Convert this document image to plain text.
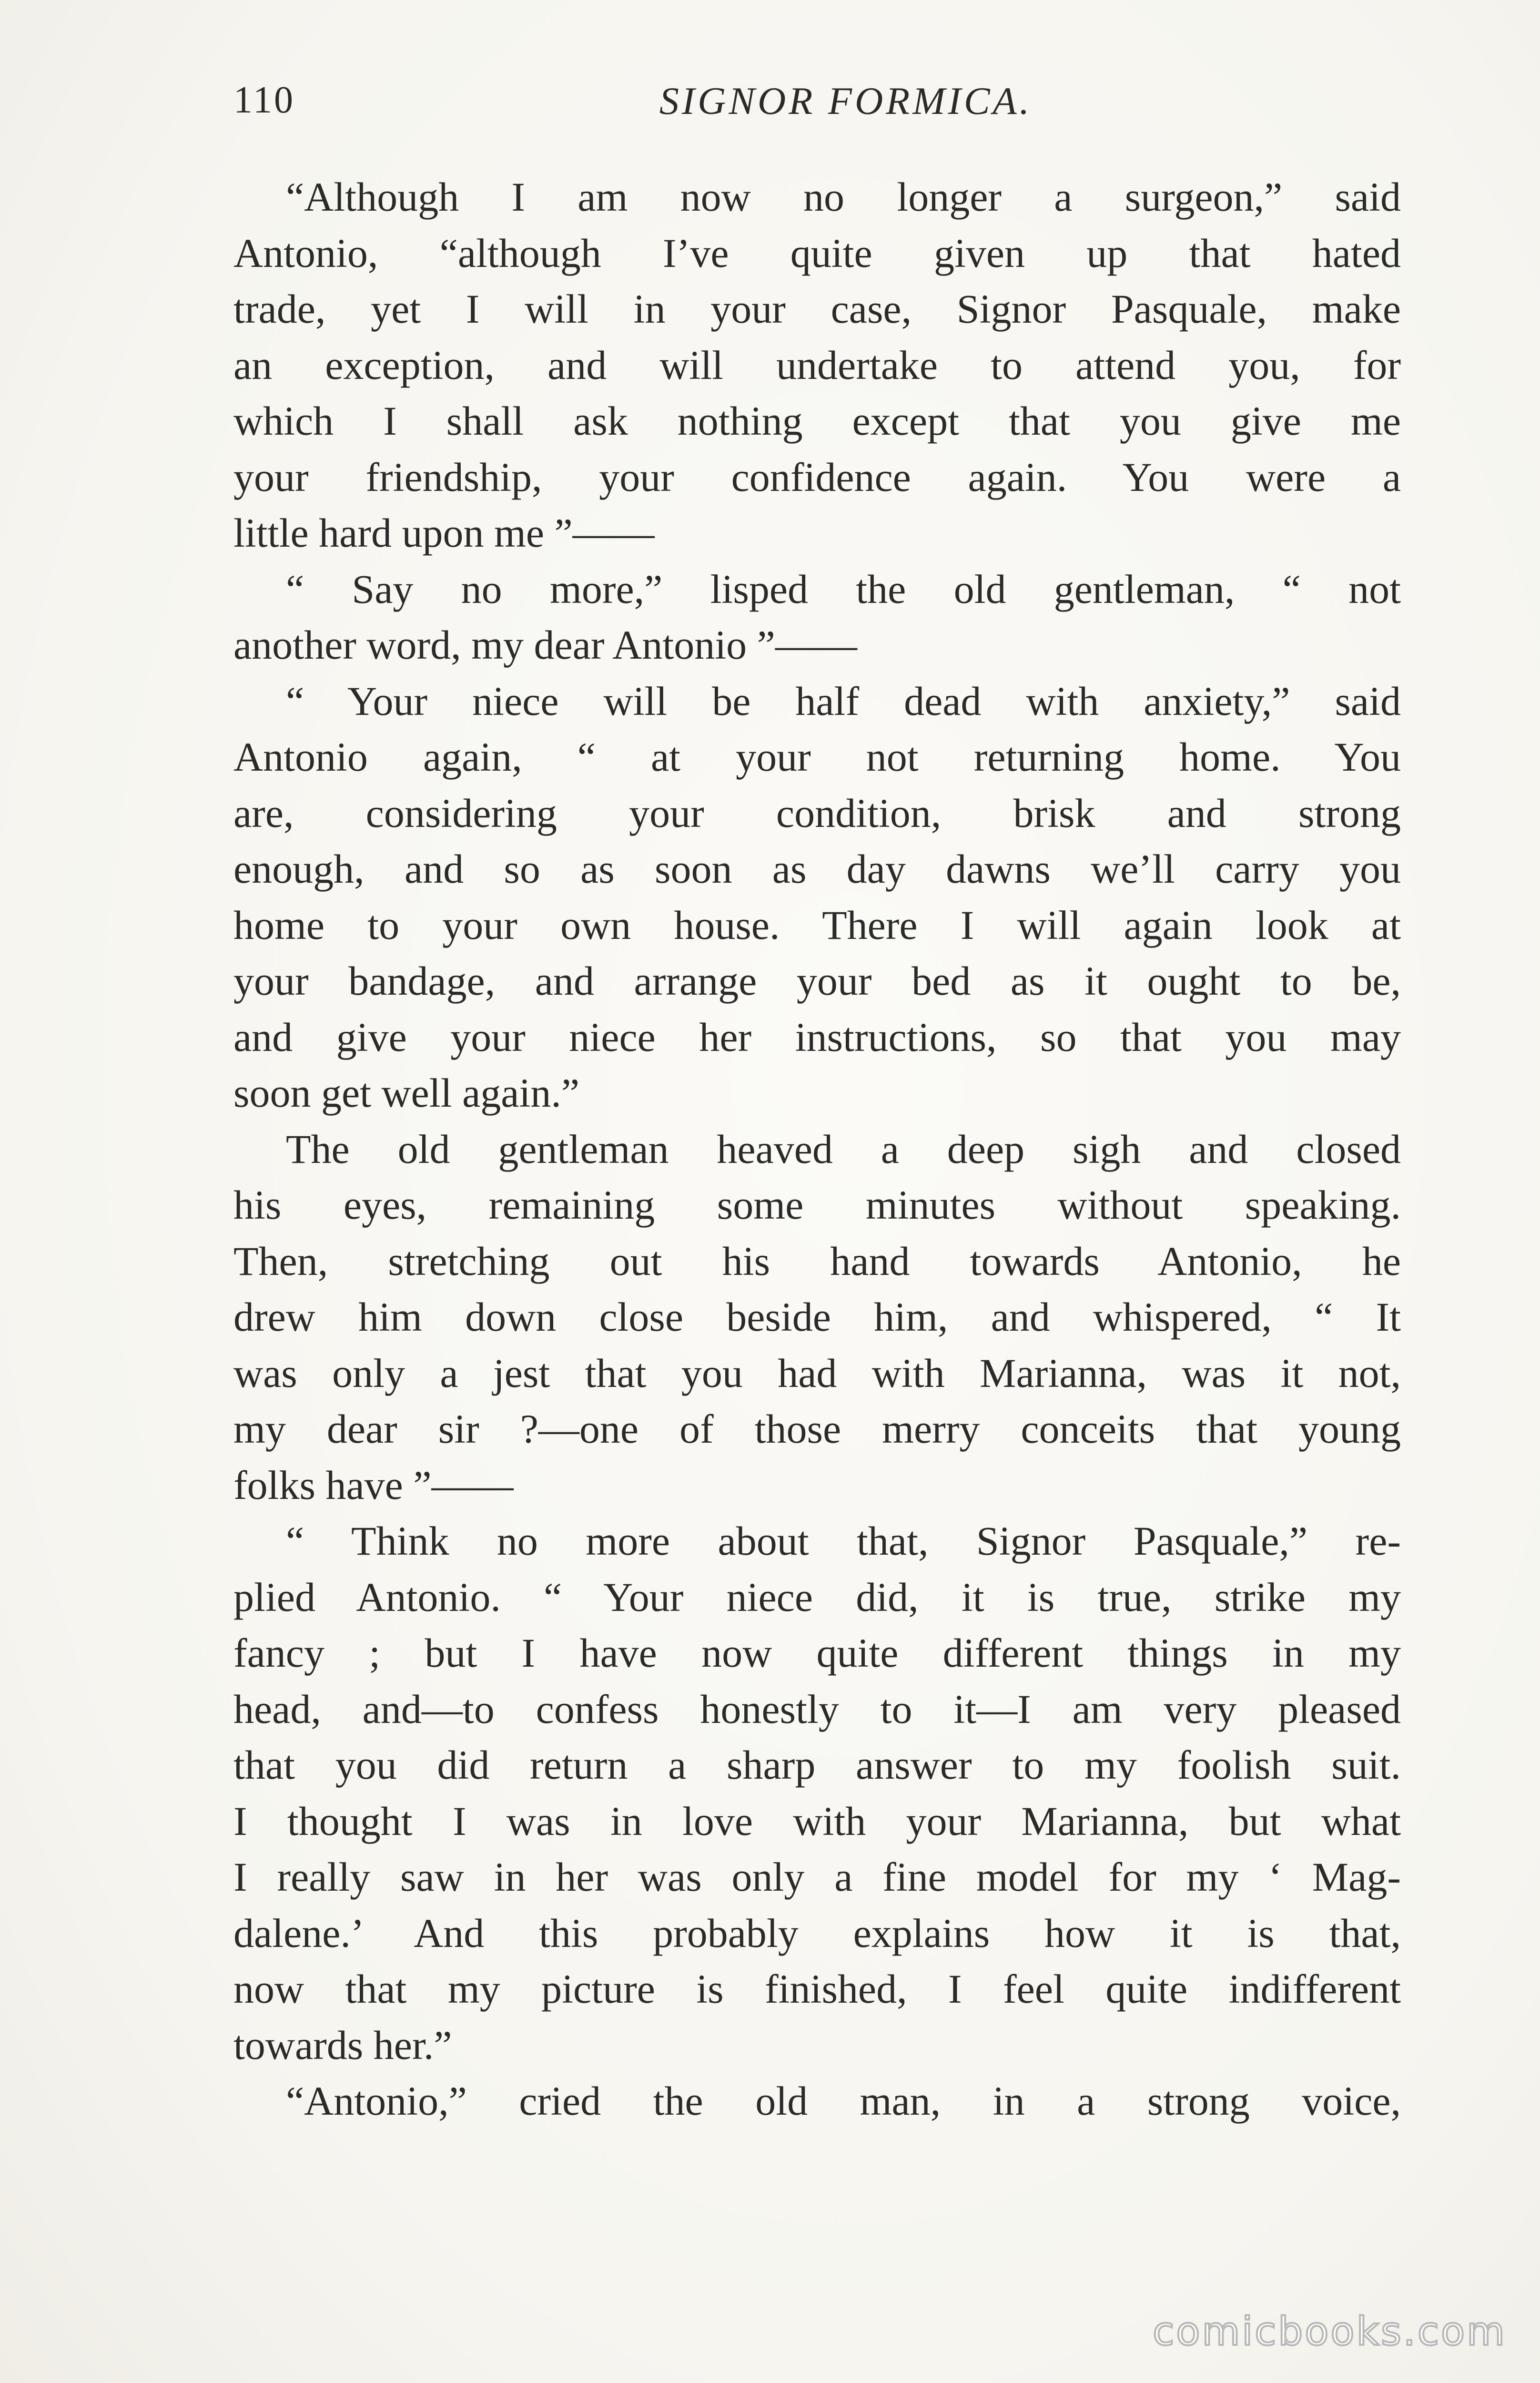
110	SIGNOR FORMICA.
“Although I am now no longer a surgeon,” said
Antonio, “although I’ve quite given up that hated
trade, yet I will in your case, Signor Pasquale, make
an exception, and will undertake to attend you, for
which I shall ask nothing except that you give me
your friendship, your confidence again. You were a
little hard upon me ”——
“ Say no more,” lisped the old gentleman, “ not
another word, my dear Antonio ”——
“ Your niece will be half dead with anxiety,” said
Antonio again, “ at your not returning home. You
are, considering your condition, brisk and strong
enough, and so as soon as day dawns we’ll carry you
home to your own house. There I will again look at
your bandage, and arrange your bed as it ought to be,
and give your niece her instructions, so that you may
soon get well again.”
The old gentleman heaved a deep sigh and closed
his eyes, remaining some minutes without speaking.
Then, stretching out his hand towards Antonio, he
drew him down close beside him, and whispered, “ It
was only a jest that you had with Marianna, was it not,
my dear sir ?—one of those merry conceits that young
folks have ”——
“ Think no more about that, Signor Pasquale,” re-
plied Antonio. “ Your niece did, it is true, strike my
fancy ; but I have now quite different things in my
head, and—to confess honestly to it—I am very pleased
that you did return a sharp answer to my foolish suit.
I thought I was in love with your Marianna, but what
I really saw in her was only a fine model for my ‘ Mag-
dalene.’ And this probably explains how it is that,
now that my picture is finished, I feel quite indifferent
towards her.”
“Antonio,” cried the old man, in a strong voice,
comicbooks.com
